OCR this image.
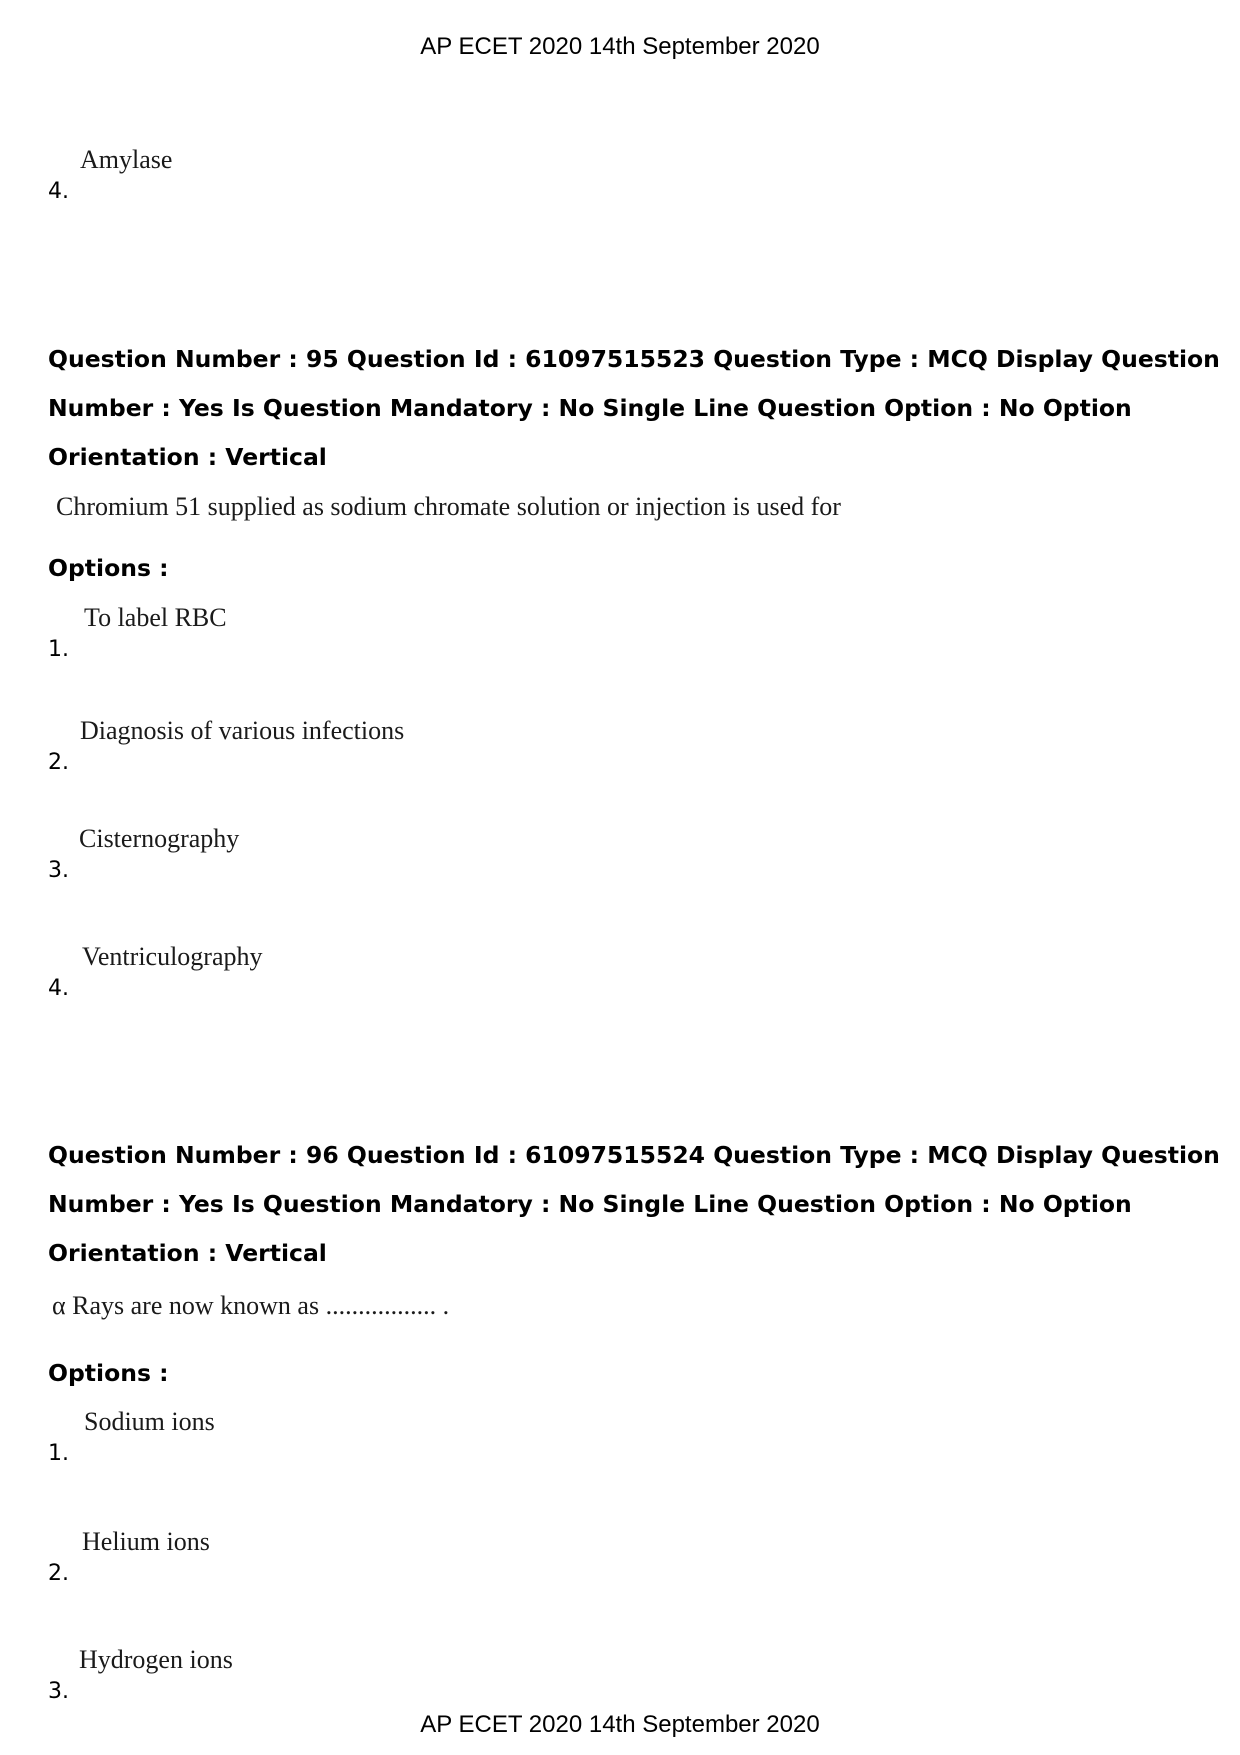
AP ECET 2020 14th September 2020
4.
Amylase
Question Number : 95 Question Id : 61097515523 Question Type : MCQ Display Question
Number : Yes Is Question Mandatory : No Single Line Question Option : No Option
Orientation : Vertical
Chromium 51 supplied as sodium chromate solution or injection is used for
Options :
1.
To label RBC
2.
Diagnosis of various infections
3.
Cisternography
4.
Ventriculography
Question Number : 96 Question Id : 61097515524 Question Type : MCQ Display Question
Number : Yes Is Question Mandatory : No Single Line Question Option : No Option
Orientation : Vertical
α Rays are now known as ................. .
Options :
1.
Sodium ions
2.
Helium ions
3.
Hydrogen ions
AP ECET 2020 14th September 2020
